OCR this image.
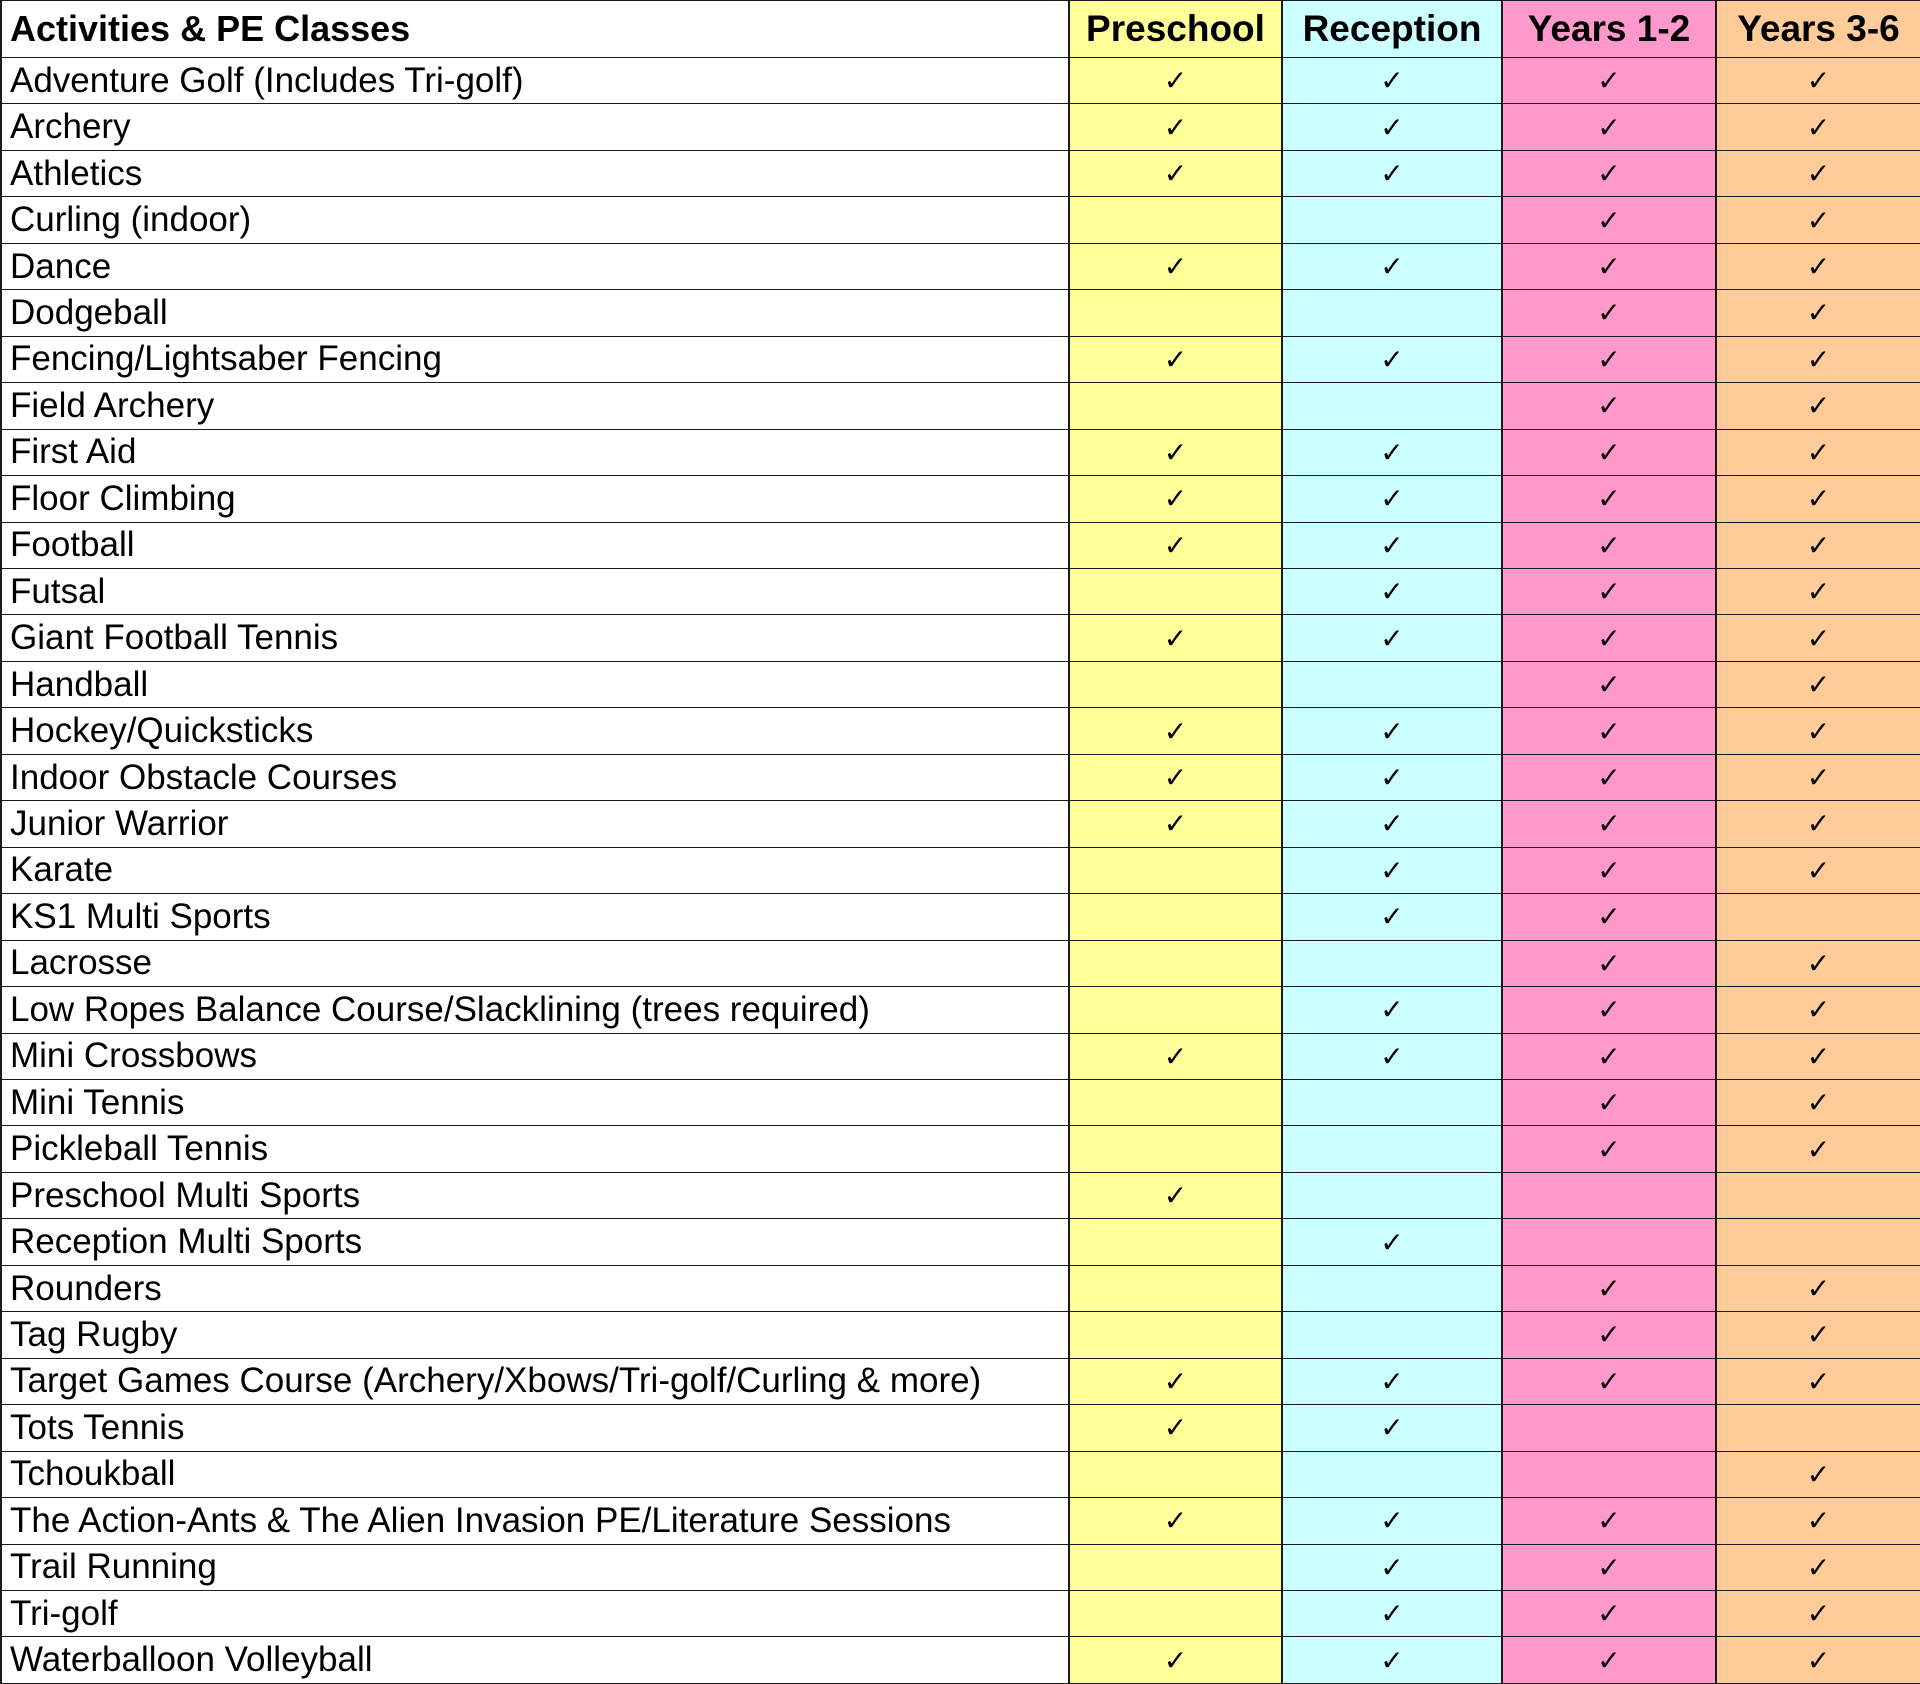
Activities & PE Classes	Preschool	Reception	Years 1-2	Years 3-6
Adventure Golf (Includes Tri-golf)	✓	✓	✓	✓
Archery	✓	✓	✓	✓
Athletics	✓	✓	✓	✓
Curling (indoor)			✓	✓
Dance	✓	✓	✓	✓
Dodgeball			✓	✓
Fencing/Lightsaber Fencing	✓	✓	✓	✓
Field Archery			✓	✓
First Aid	✓	✓	✓	✓
Floor Climbing	✓	✓	✓	✓
Football	✓	✓	✓	✓
Futsal		✓	✓	✓
Giant Football Tennis	✓	✓	✓	✓
Handball			✓	✓
Hockey/Quicksticks	✓	✓	✓	✓
Indoor Obstacle Courses	✓	✓	✓	✓
Junior Warrior	✓	✓	✓	✓
Karate		✓	✓	✓
KS1 Multi Sports		✓	✓	
Lacrosse			✓	✓
Low Ropes Balance Course/Slacklining (trees required)		✓	✓	✓
Mini Crossbows	✓	✓	✓	✓
Mini Tennis			✓	✓
Pickleball Tennis			✓	✓
Preschool Multi Sports	✓			
Reception Multi Sports		✓		
Rounders			✓	✓
Tag Rugby			✓	✓
Target Games Course (Archery/Xbows/Tri-golf/Curling & more)	✓	✓	✓	✓
Tots Tennis	✓	✓		
Tchoukball				✓
The Action-Ants & The Alien Invasion PE/Literature Sessions	✓	✓	✓	✓
Trail Running		✓	✓	✓
Tri-golf		✓	✓	✓
Waterballoon Volleyball	✓	✓	✓	✓
